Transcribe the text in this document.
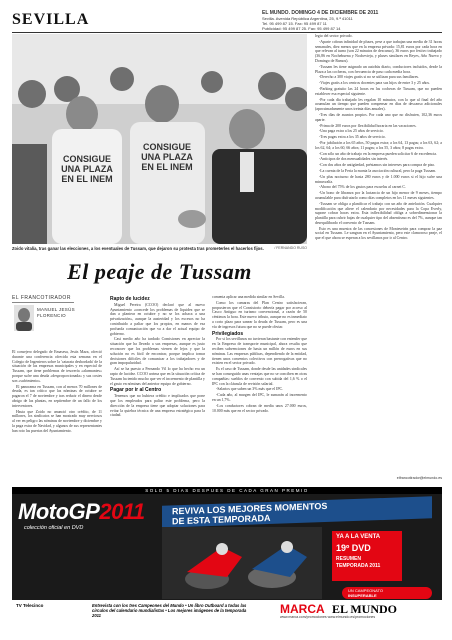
SEVILLA	EL MUNDO. DOMINGO 4 DE DICIEMBRE DE 2011
Sevilla. Avenida República Argentina, 25, 9.ª 41011
Tel. 95 499 87 15. Fax: 95 499 87 11
Publicidad: 95 499 87 25. Fax: 95 499 87 14
CONSIGUE UNA PLAZA EN EL INEM
CONSIGUE UNA PLAZA EN EL INEM
Zoido vitalía, tras ganar las elecciones, a los eventuales de Tussam, que dejaron su protesta tras prometerles el hacerlos fijos.	/ FERNANDO RUSO
El peaje de Tussam
EL FRANCOTIRADOR
MANUEL JESÚS FLORENCIO

El consejero delegado de Emasesa, Jesús Maza, ofreció durante una conferencia ofrecida esta semana en el Colegio de Ingenieros sobre la 'catarata desbordada' de la situación de las empresas municipales y en especial de Tussam, que tiene problemas de tesorería «alarmantes» porque sufre una deuda «desproporcionada» y sus costes son «sufrimiento».

El panorama en Tussam, con al menos 70 millones de deuda, es tan crítico que las nóminas de octubre se pagaron el 7 de noviembre y tras reducir el dinero desde abrigo de las plantas, en septiembre de un fallo de los interventores.

Hasta que Zoido no anunció otro crédito, de 11 millones, los sindicatos se han mostrado muy nerviosos al ver en peligro las nóminas de noviembre y diciembre y la paga extra de Navidad, y algunos de sus representantes han roto las puertas del Ayuntamiento.

Rapto de lucidez

Miguel Pereira (CCOO) declaró que al nuevo Ayuntamiento «concede los problemas de liquidez que se dan a plantear en octubre y no se los achaca a una privatización», aunque la austeridad y los excesos no ha contribuido a paliar que los propios, en manos de esa profunda comunicación que va a dar el actual equipo de gobierno.

Casi medio año ha tardado Comisiones en apreciar la situación que ha llevado a sus empresas, aunque es justo reconocer que los problemas vienen de lejos y que la solución no es fácil de encontrar, porque implica tomar decisiones difíciles de comunicar a los trabajadores y de gran impopularidad.

Así se ha puesto a Fernando Vil lo que ha hecho era un rapto de lucidez. CCOO arrima que en la situación crítica de Tussam ha tenido mucho que ver el incremento de plantilla y el gasto en nóminas del anterior equipo de gobierno.

Pagar por ir al Centro

Tenemos que no hubiera crédito e implicados que pone que los empleados para paliar este problema, pero la dirección de la empresa tiene que adoptar soluciones para evitar la quiebra técnica de una empresa estratégica para la ciudad.

comenta aplicar una medida similar en Sevilla.

Como los camaras del Plan Centro satisfacieran, propusieron que el Consistorio debería pagar por acceso al Casco Antiguo en turismo convencional, a razón de 50 céntimos la hora. Este nuevo tributo, aunque no es inmediato a corto plazo para sanear la deuda de Tussam, pero es una vía de ingresos futura que no se puede obviar.

Privilegiados

Por si los sevillanos no tuvieran bastante con entender que en la Empresa de transporte municipal, ahora resulta que reciben subvenciones de hasta un millón de euros en sus nóminas. Las empresas públicas, dependiendo de la entidad, tienen unos convenios colectivos con prerrogativas que no existen en el sector privado.

Es el caso de Tussam, donde desde las unidades sindicales se han conseguido unas ventajas que no se conciben en otras compañías: sueldos de convenio con subida del 1,6 % o el IPC con la cláusula de revisión salarial.

-Salarios que suben un 3% más que el IPC.

-Cada año, al margen del IPC, le sumarán al incremento en un 1,7%.

-Los conductores cobran de media unos 27.000 euros, 10.000 más que en el sector privado.

legio del sector privado.

-Aparte cobran infinidad de pluses, pese a que trabajan una media de 31 horas semanales, diez menos que en la empresa privada: 15,81 euros por cada hora en que relevan al turno (son 22 minutos de descanso), 36 euros por festivo trabajado (36,86 en Nochebuena y Nochevieja, y pluses similares en Reyes, Año Nuevo y Domingo de Ramos).

-Tussam les tiene asignado un autobús diario, conductores incluidos, desde la Plaza a las cocheras, con frecuencia de paso cada media hora.

-Derecho a 300 viajes gratis si no se utilizan para sus familiares.

-Viajes gratis a los centros docentes para sus hijos de entre 3 y 25 años.

-Parking gratuito las 24 horas en las cocheras de Tussam, que no pueden establecer esa especial siguiente.

-Por cada día trabajado les regalan 10 minutos, con lo que al final del año acumulan un tiempo que pueden compensar en días de descanso adicionales (aproximadamente unos treinta días anuales).

-Tres días de asuntos propios. Por cada uno que no disfruten, 102,36 euros aparte.

-Prima de 200 euros por flexibilidad horaria en las vacaciones.

-Una paga extra a los 25 años de servicio.

-Tres pagas extra a los 35 años de servicio.

-Por jubilación a los 65 años, 50 pagas extra; a los 64, 13 pagas; a los 63, 62; a los 62, 64; a los 60, 66 años; 11 pagas; a los 55, 3 años; 8 pagas extra.

-Con sólo un año de trabajo en la empresa pueden solicitar 6 de excedencia.

-Anticipos de dos mensualidades sin interés.

-Con dos años de antigüedad, préstamos sin intereses para compra de piso.

-La cuenta de la Feria la monta la asociación cultural, pero la paga Tussam.

-Un plus nocturno de hasta 280 euros y de 1.000 euros si el hijo sufre una minusvalía.

-Abono del 75% de los gastos para escuelas al carnet C.

-Un bono de libranza por la lactancia de un hijo menor de 9 meses, tiempo acumulable para disfrutarlo como días completos en los 11 meses siguientes.

-Tussam se obliga a planificar el trabajo con un año de antelación. Cualquier modificación que altere el calendario por necesidades para la Copa Everly, supone cobrar horas extra. Esta inflexibilidad obliga a sobredimensionar la plantilla para cubrir bajas de cualquier tipo del absentismo es del 7%, aunque tan desequilibrado el convenio de Tussam.

Esto es una muestra de las concesiones de Monteseirín para comprar la paz social en Tussam. Le sangran en el Ayuntamiento, pero este clamoroso peaje, el que el que ahora se esperan a los sevillanos por ir al Centro.

elfrancotirador@elmundo.es
SOLO 5 DIAS DESPUES DE CADA GRAN PREMIO
MotoGP2011
colección oficial en DVD
REVIVA LOS MEJORES MOMENTOS
DE ESTA TEMPORADA
YA A LA VENTA
19º DVD
RESUMEN
TEMPORADA 2011
UN CAMPEONATO
INSUPERABLE
TV Telecinco	Entrevista con los tres Campeones del Mundo • Un libro Outboard a todas las circulos del calendario mundialistas • Los mejores imágenes de la temporada 2011	MARCA EL MUNDO
www.marca.com/promociones www.elmundo.es/promociones
